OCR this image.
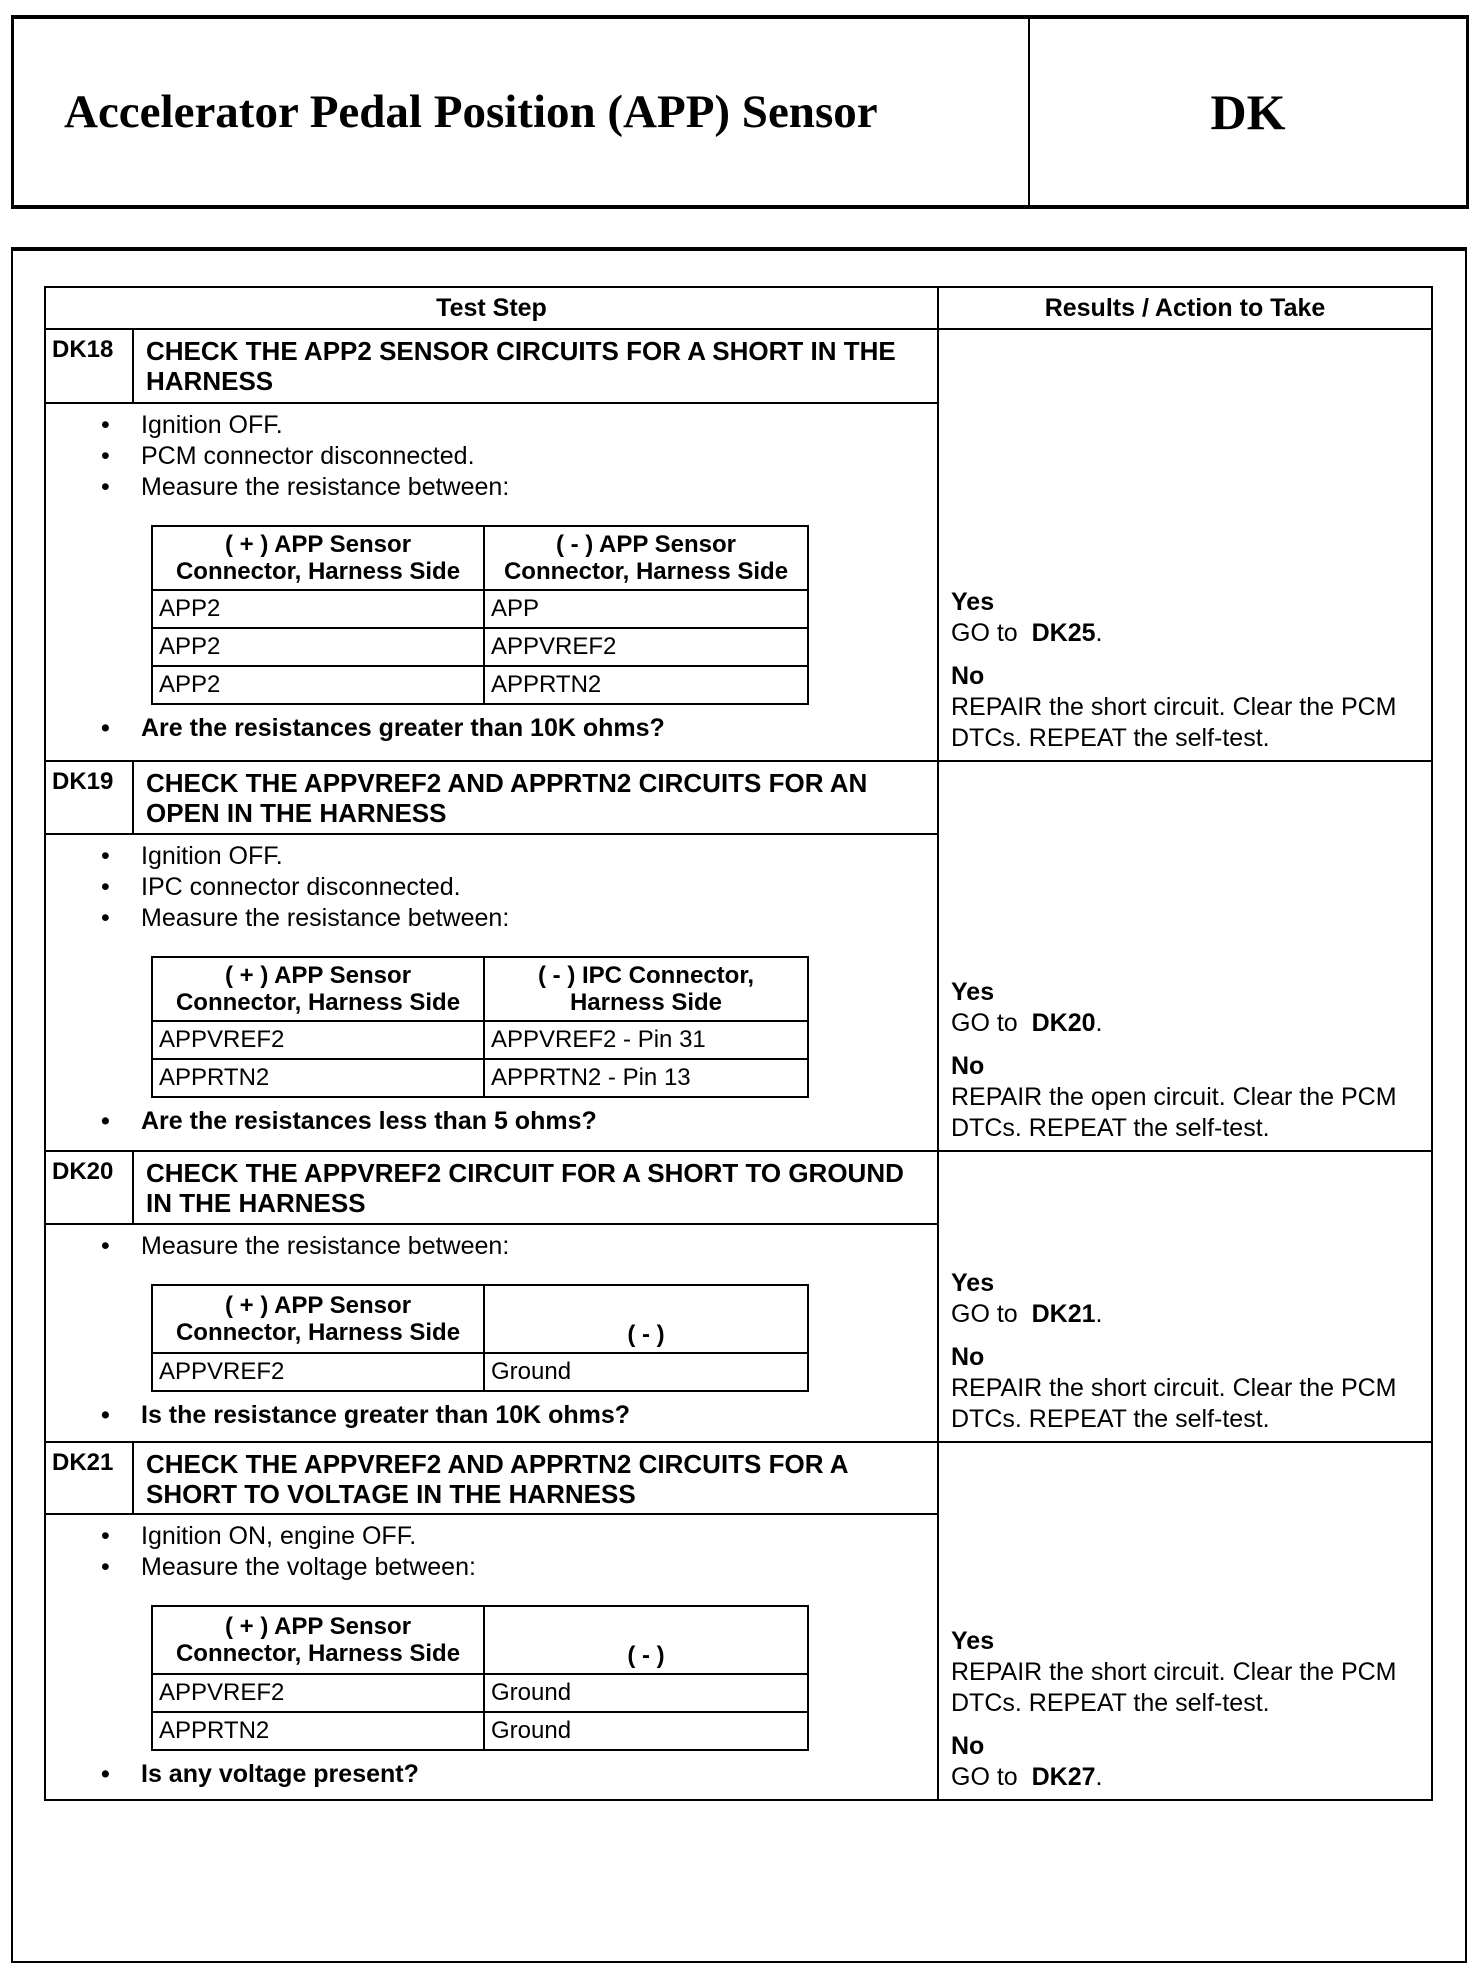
Accelerator Pedal Position (APP) Sensor	DK
Test Step	Results / Action to Take
DK18	CHECK THE APP2 SENSOR CIRCUITS FOR A SHORT IN THE HARNESS	
Yes
GO to DK25.
No
REPAIR the short circuit. Clear the PCM DTCs. REPEAT the self-test.

• Ignition OFF.
• PCM connector disconnected.
• Measure the resistance between:
( + ) APP Sensor Connector, Harness Side	( - ) APP Sensor Connector, Harness Side
APP2	APP
APP2	APPVREF2
APP2	APPRTN2
• Are the resistances greater than 10K ohms?

DK19	CHECK THE APPVREF2 AND APPRTN2 CIRCUITS FOR AN OPEN IN THE HARNESS	
Yes
GO to DK20.
No
REPAIR the open circuit. Clear the PCM DTCs. REPEAT the self-test.

• Ignition OFF.
• IPC connector disconnected.
• Measure the resistance between:
( + ) APP Sensor Connector, Harness Side	( - ) IPC Connector, Harness Side
APPVREF2	APPVREF2 - Pin 31
APPRTN2	APPRTN2 - Pin 13
• Are the resistances less than 5 ohms?

DK20	CHECK THE APPVREF2 CIRCUIT FOR A SHORT TO GROUND IN THE HARNESS	
Yes
GO to DK21.
No
REPAIR the short circuit. Clear the PCM DTCs. REPEAT the self-test.

• Measure the resistance between:
( + ) APP Sensor Connector, Harness Side	( - )
APPVREF2	Ground
• Is the resistance greater than 10K ohms?

DK21	CHECK THE APPVREF2 AND APPRTN2 CIRCUITS FOR A SHORT TO VOLTAGE IN THE HARNESS	
Yes
REPAIR the short circuit. Clear the PCM DTCs. REPEAT the self-test.
No
GO to DK27.

• Ignition ON, engine OFF.
• Measure the voltage between:
( + ) APP Sensor Connector, Harness Side	( - )
APPVREF2	Ground
APPRTN2	Ground
• Is any voltage present?
